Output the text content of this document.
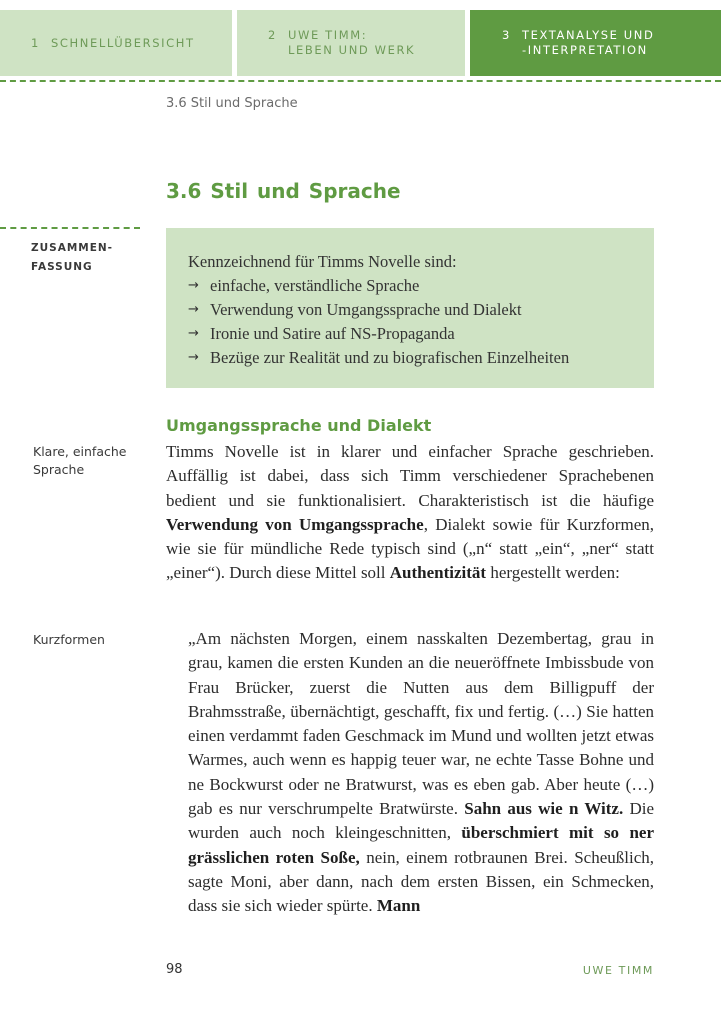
1 SCHNELLÜBERSICHT
2 UWE TIMM:
LEBEN UND WERK
3 TEXTANALYSE UND
-INTERPRETATION
3.6 Stil und Sprache
3.6 Stil und Sprache
ZUSAMMEN-
FASSUNG	Kennzeichnend für Timms Novelle sind:
→ einfache, verständliche Sprache
→ Verwendung von Umgangssprache und Dialekt
→ Ironie und Satire auf NS-Propaganda
→ Bezüge zur Realität und zu biografischen Einzelheiten
Umgangssprache und Dialekt
Klare, einfache
Sprache
Kurzformen

Timms Novelle ist in klarer und einfacher Sprache geschrieben. Auffällig ist dabei, dass sich Timm verschiedener Sprachebenen bedient und sie funktionalisiert. Charakteristisch ist die häufige Verwendung von Umgangssprache, Dialekt sowie für Kurzformen, wie sie für mündliche Rede typisch sind („n“ statt „ein“, „ner“ statt „einer“). Durch diese Mittel soll Authentizität hergestellt werden:

„Am nächsten Morgen, einem nasskalten Dezembertag, grau in grau, kamen die ersten Kunden an die neueröffnete Imbissbude von Frau Brücker, zuerst die Nutten aus dem Billigpuff der Brahmsstraße, übernächtigt, geschafft, fix und fertig. (…) Sie hatten einen verdammt faden Geschmack im Mund und wollten jetzt etwas Warmes, auch wenn es happig teuer war, ne echte Tasse Bohne und ne Bockwurst oder ne Bratwurst, was es eben gab. Aber heute (…) gab es nur verschrumpelte Bratwürste. Sahn aus wie n Witz. Die wurden auch noch kleingeschnitten, überschmiert mit so ner grässlichen roten Soße, nein, einem rotbraunen Brei. Scheußlich, sagte Moni, aber dann, nach dem ersten Bissen, ein Schmecken, dass sie sich wieder spürte. Mann

98	UWE TIMM
